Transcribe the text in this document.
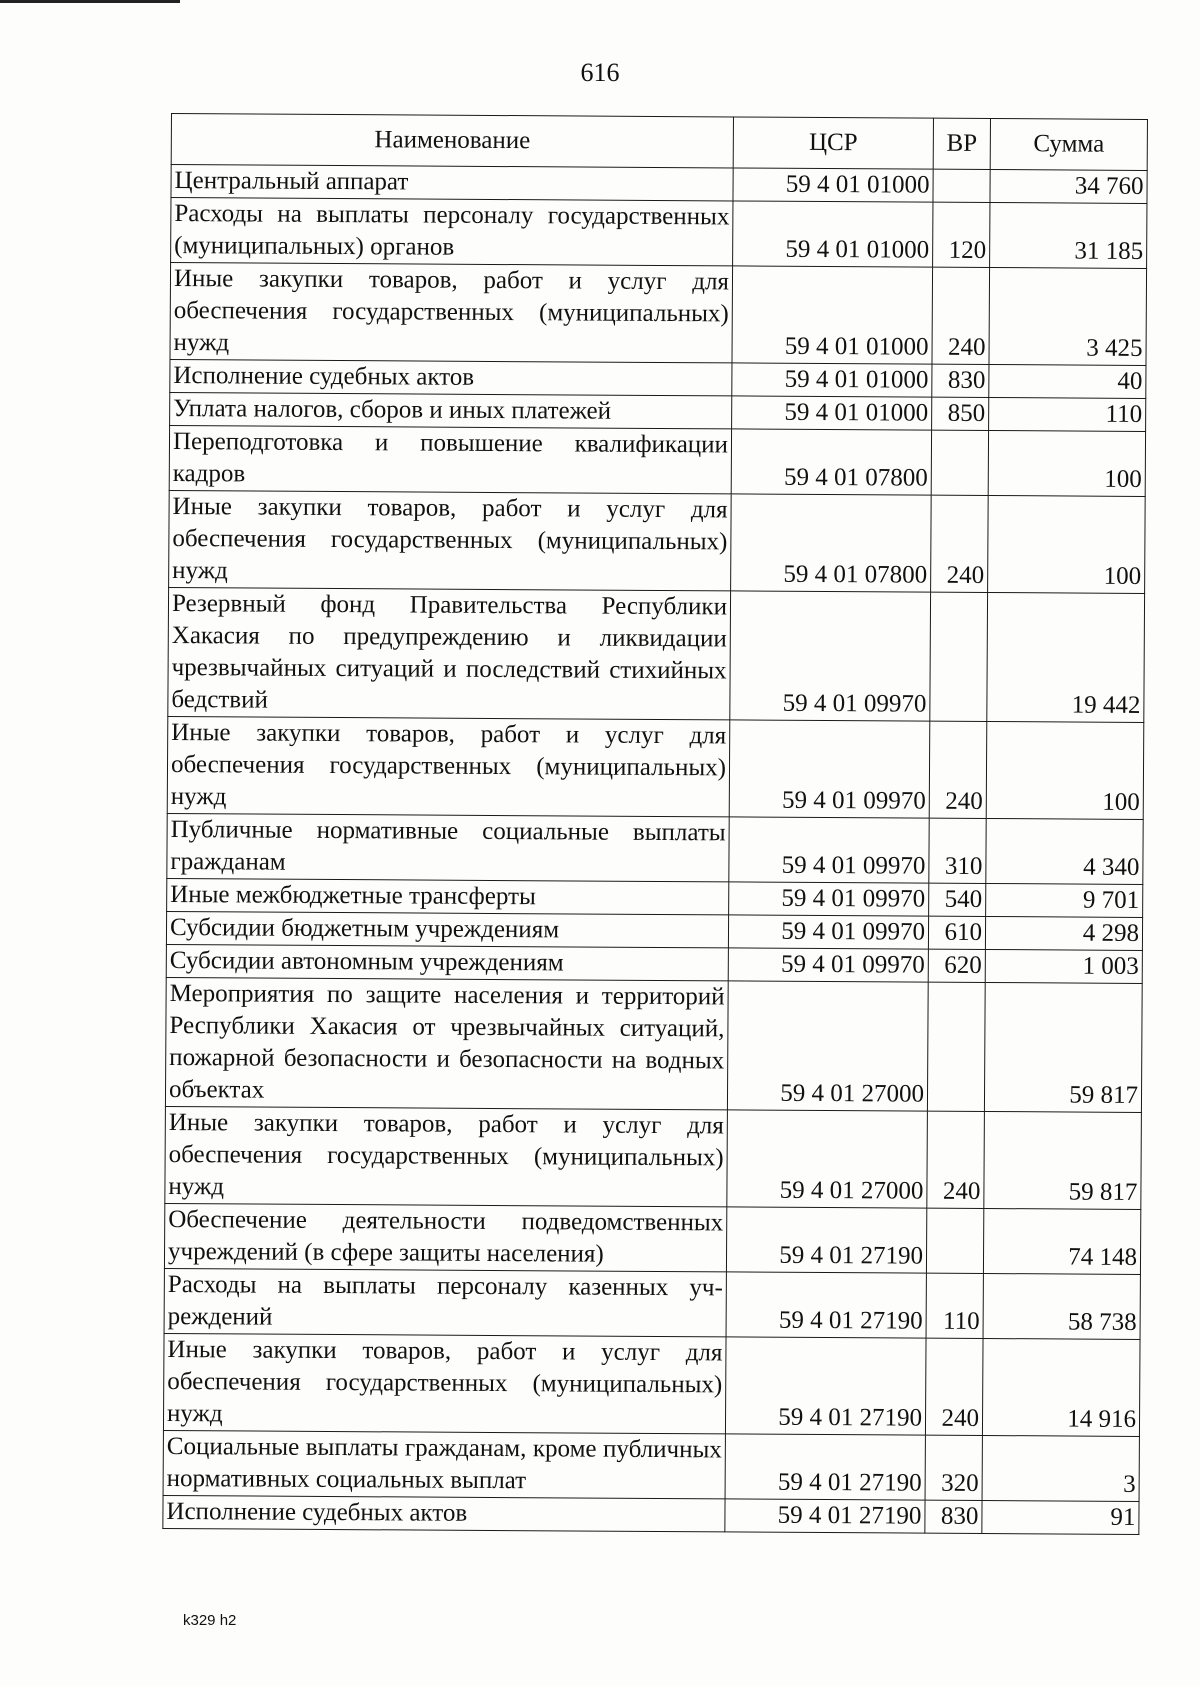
616
Наименование	ЦСР	ВР	Сумма
Центральный аппарат	59 4 01 01000		34 760
Расходы на выплаты персоналу государственных (муниципальных) органов	59 4 01 01000	120	31 185
Иные закупки товаров, работ и услуг для обеспечения государственных (муниципальных) нужд	59 4 01 01000	240	3 425
Исполнение судебных актов	59 4 01 01000	830	40
Уплата налогов, сборов и иных платежей	59 4 01 01000	850	110
Переподготовка и повышение квалификации кадров	59 4 01 07800		100
Иные закупки товаров, работ и услуг для обеспечения государственных (муниципальных) нужд	59 4 01 07800	240	100
Резервный фонд Правительства Республики Хакасия по предупреждению и ликвидации чрезвычайных ситуаций и последствий стихийных бедствий	59 4 01 09970		19 442
Иные закупки товаров, работ и услуг для обеспечения государственных (муниципальных) нужд	59 4 01 09970	240	100
Публичные нормативные социальные выплаты гражданам	59 4 01 09970	310	4 340
Иные межбюджетные трансферты	59 4 01 09970	540	9 701
Субсидии бюджетным учреждениям	59 4 01 09970	610	4 298
Субсидии автономным учреждениям	59 4 01 09970	620	1 003
Мероприятия по защите населения и территорий Республики Хакасия от чрезвычайных ситуаций, пожарной безопасности и безопасности на водных объектах	59 4 01 27000		59 817
Иные закупки товаров, работ и услуг для обеспечения государственных (муниципальных) нужд	59 4 01 27000	240	59 817
Обеспечение деятельности подведомственных учреждений (в сфере защиты населения)	59 4 01 27190		74 148
Расходы на выплаты персоналу казенных учреждений	59 4 01 27190	110	58 738
Иные закупки товаров, работ и услуг для обеспечения государственных (муниципальных) нужд	59 4 01 27190	240	14 916
Социальные выплаты гражданам, кроме публичных нормативных социальных выплат	59 4 01 27190	320	3
Исполнение судебных актов	59 4 01 27190	830	91
k329 h2
